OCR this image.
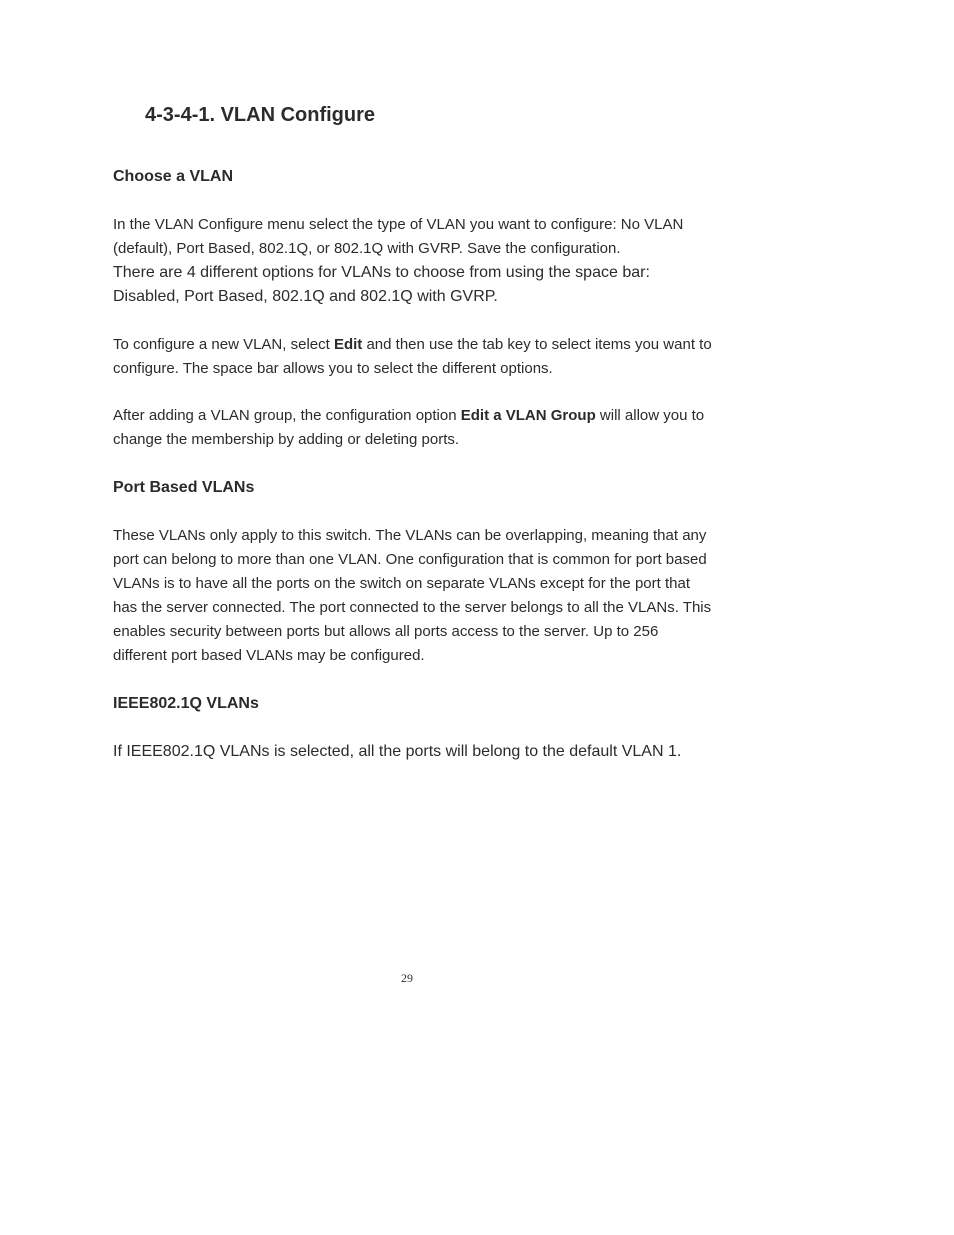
4-3-4-1. VLAN Configure
Choose a VLAN

In the VLAN Configure menu select the type of VLAN you want to configure: No VLAN (default), Port Based, 802.1Q, or 802.1Q with GVRP. Save the configuration.

There are 4 different options for VLANs to choose from using the space bar: Disabled, Port Based, 802.1Q and 802.1Q with GVRP.

To configure a new VLAN, select Edit and then use the tab key to select items you want to configure. The space bar allows you to select the different options.

After adding a VLAN group, the configuration option Edit a VLAN Group will allow you to change the membership by adding or deleting ports.

Port Based VLANs

These VLANs only apply to this switch. The VLANs can be overlapping, meaning that any port can belong to more than one VLAN. One configuration that is common for port based VLANs is to have all the ports on the switch on separate VLANs except for the port that has the server connected. The port connected to the server belongs to all the VLANs. This enables security between ports but allows all ports access to the server. Up to 256 different port based VLANs may be configured.

IEEE802.1Q VLANs

If IEEE802.1Q VLANs is selected, all the ports will belong to the default VLAN 1.

29
